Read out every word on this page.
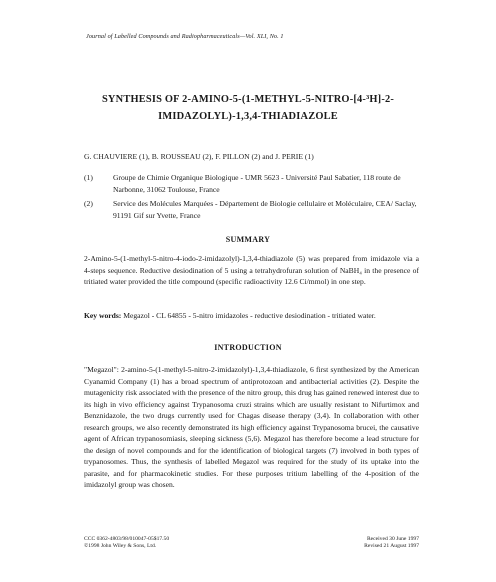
Journal of Labelled Compounds and Radiopharmaceuticals—Vol. XLI, No. 1
SYNTHESIS OF 2-AMINO-5-(1-METHYL-5-NITRO-[4-³H]-2-
IMIDAZOLYL)-1,3,4-THIADIAZOLE
G. CHAUVIERE (1), B. ROUSSEAU (2), F. PILLON (2) and J. PERIE (1)
(1)	Groupe de Chimie Organique Biologique - UMR 5623 - Université Paul Sabatier, 118 route de Narbonne, 31062 Toulouse, France
(2)	Service des Molécules Marquées - Département de Biologie cellulaire et Moléculaire, CEA/ Saclay, 91191 Gif sur Yvette, France
SUMMARY

2-Amino-5-(1-methyl-5-nitro-4-iodo-2-imidazolyl)-1,3,4-thiadiazole (5) was prepared from imidazole via a 4-steps sequence. Reductive desiodination of 5 using a tetrahydrofuran solution of NaBH₄ in the presence of tritiated water provided the title compound (specific radioactivity 12.6 Ci/mmol) in one step.

Key words: Megazol - CL 64855 - 5-nitro imidazoles - reductive desiodination - tritiated water.
INTRODUCTION

"Megazol": 2-amino-5-(1-methyl-5-nitro-2-imidazolyl)-1,3,4-thiadiazole, 6 first synthesized by the American Cyanamid Company (1) has a broad spectrum of antiprotozoan and antibacterial activities (2). Despite the mutagenicity risk associated with the presence of the nitro group, this drug has gained renewed interest due to its high in vivo efficiency against Trypanosoma cruzi strains which are usually resistant to Nifurtimox and Benznidazole, the two drugs currently used for Chagas disease therapy (3,4). In collaboration with other research groups, we also recently demonstrated its high efficiency against Trypanosoma brucei, the causative agent of African trypanosomiasis, sleeping sickness (5,6). Megazol has therefore become a lead structure for the design of novel compounds and for the identification of biological targets (7) involved in both types of trypanosomes. Thus, the synthesis of labelled Megazol was required for the study of its uptake into the parasite, and for pharmacokinetic studies. For these purposes tritium labelling of the 4-position of the imidazolyl group was chosen.

CCC 0362-4803/98/010047-05$17.50
©1998 John Wiley & Sons, Ltd.
Received 30 June 1997
Revised 21 August 1997
